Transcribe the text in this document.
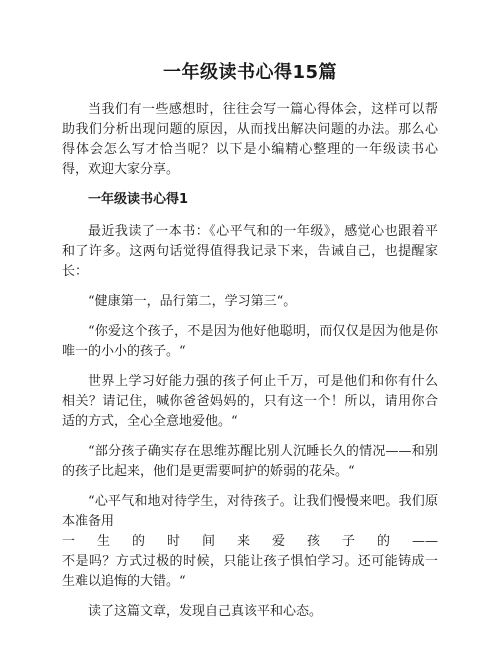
一年级读书心得15篇

当我们有一些感想时，往往会写一篇心得体会，这样可以帮助我们分析出现问题的原因，从而找出解决问题的办法。那么心得体会怎么写才恰当呢？以下是小编精心整理的一年级读书心得，欢迎大家分享。

一年级读书心得1

最近我读了一本书：《心平气和的一年级》，感觉心也跟着平和了许多。这两句话觉得值得我记录下来，告诫自己，也提醒家长：

“健康第一，品行第二，学习第三“。

“你爱这个孩子，不是因为他好他聪明，而仅仅是因为他是你唯一的小小的孩子。“

世界上学习好能力强的孩子何止千万，可是他们和你有什么相关？请记住，喊你爸爸妈妈的，只有这一个！所以，请用你合适的方式，全心全意地爱他。“

“部分孩子确实存在思维苏醒比别人沉睡长久的情况——和别的孩子比起来，他们是更需要呵护的娇弱的花朵。“

“心平气和地对待学生，对待孩子。让我们慢慢来吧。我们原本准备用

一 生 的 时 间 来 爱 孩 子 的 ——

不是吗？方式过极的时候，只能让孩子惧怕学习。还可能铸成一生难以追悔的大错。“

读了这篇文章，发现自己真该平和心态。
